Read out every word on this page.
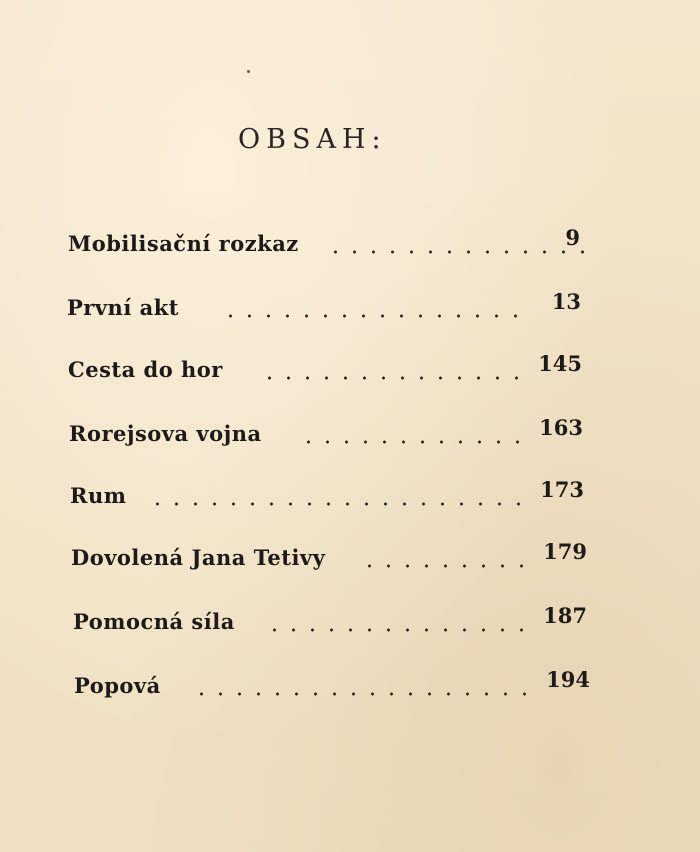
OBSAH:
Mobilisační rozkaz	9
První akt	13
Cesta do hor	145
Rorejsova vojna	163
Rum	173
Dovolená Jana Tetivy	179
Pomocná síla	187
Popová	194
